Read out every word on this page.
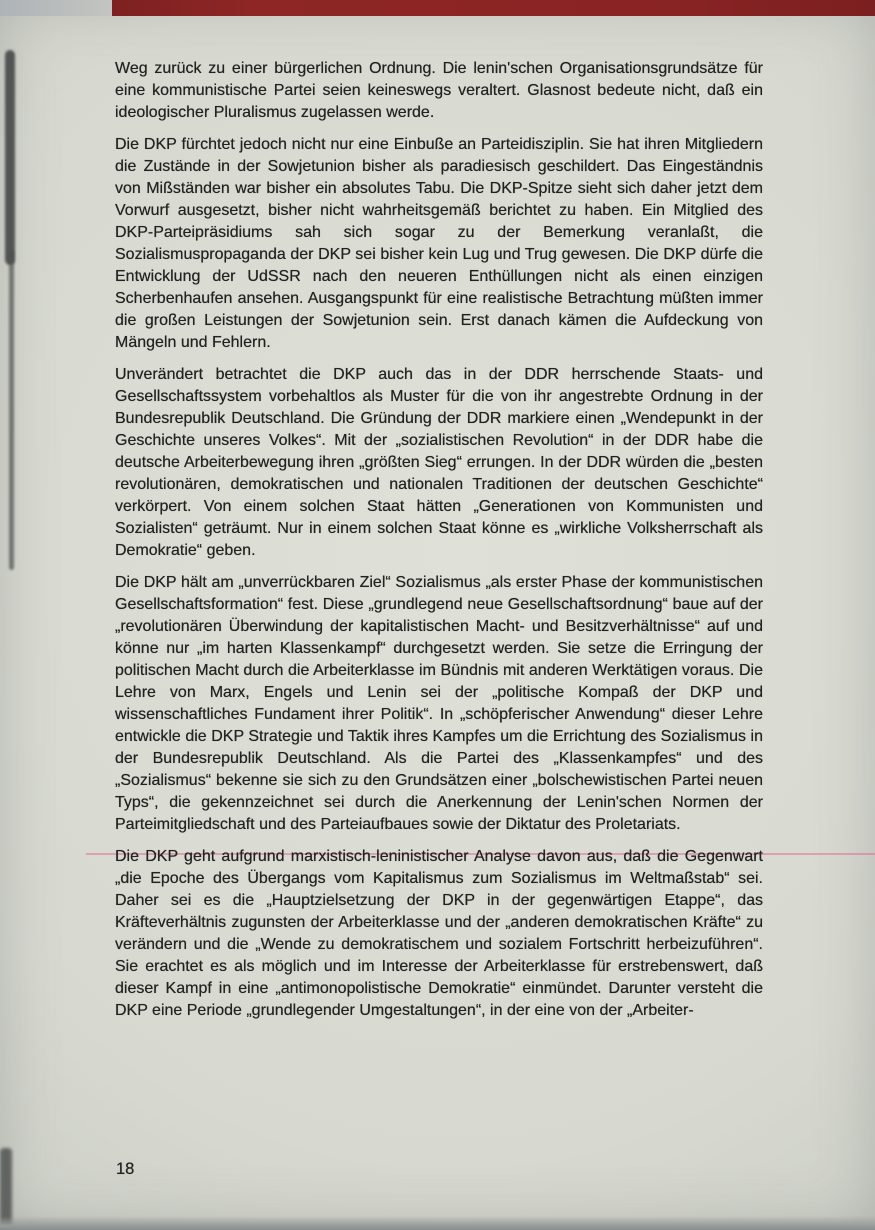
Weg zurück zu einer bürgerlichen Ordnung. Die lenin'schen Organisationsgrundsätze für eine kommunistische Partei seien keineswegs veraltert. Glasnost bedeute nicht, daß ein ideologischer Pluralismus zugelassen werde.

Die DKP fürchtet jedoch nicht nur eine Einbuße an Parteidisziplin. Sie hat ihren Mitgliedern die Zustände in der Sowjetunion bisher als paradiesisch geschildert. Das Eingeständnis von Mißständen war bisher ein absolutes Tabu. Die DKP-Spitze sieht sich daher jetzt dem Vorwurf ausgesetzt, bisher nicht wahrheitsgemäß berichtet zu haben. Ein Mitglied des DKP-Parteipräsidiums sah sich sogar zu der Bemerkung veranlaßt, die Sozialismuspropaganda der DKP sei bisher kein Lug und Trug gewesen. Die DKP dürfe die Entwicklung der UdSSR nach den neueren Enthüllungen nicht als einen einzigen Scherbenhaufen ansehen. Ausgangspunkt für eine realistische Betrachtung müßten immer die großen Leistungen der Sowjetunion sein. Erst danach kämen die Aufdeckung von Mängeln und Fehlern.

Unverändert betrachtet die DKP auch das in der DDR herrschende Staats- und Gesellschaftssystem vorbehaltlos als Muster für die von ihr angestrebte Ordnung in der Bundesrepublik Deutschland. Die Gründung der DDR markiere einen „Wendepunkt in der Geschichte unseres Volkes“. Mit der „sozialistischen Revolution“ in der DDR habe die deutsche Arbeiterbewegung ihren „größten Sieg“ errungen. In der DDR würden die „besten revolutionären, demokratischen und nationalen Traditionen der deutschen Geschichte“ verkörpert. Von einem solchen Staat hätten „Generationen von Kommunisten und Sozialisten“ geträumt. Nur in einem solchen Staat könne es „wirkliche Volksherrschaft als Demokratie“ geben.

Die DKP hält am „unverrückbaren Ziel“ Sozialismus „als erster Phase der kommunistischen Gesellschaftsformation“ fest. Diese „grundlegend neue Gesellschaftsordnung“ baue auf der „revolutionären Überwindung der kapitalistischen Macht- und Besitzverhältnisse“ auf und könne nur „im harten Klassenkampf“ durchgesetzt werden. Sie setze die Erringung der politischen Macht durch die Arbeiterklasse im Bündnis mit anderen Werktätigen voraus. Die Lehre von Marx, Engels und Lenin sei der „politische Kompaß der DKP und wissenschaftliches Fundament ihrer Politik“. In „schöpferischer Anwendung“ dieser Lehre entwickle die DKP Strategie und Taktik ihres Kampfes um die Errichtung des Sozialismus in der Bundesrepublik Deutschland. Als die Partei des „Klassenkampfes“ und des „Sozialismus“ bekenne sie sich zu den Grundsätzen einer „bolschewistischen Partei neuen Typs“, die gekennzeichnet sei durch die Anerkennung der Lenin'schen Normen der Parteimitgliedschaft und des Parteiaufbaues sowie der Diktatur des Proletariats.

Die DKP geht aufgrund marxistisch-leninistischer Analyse davon aus, daß die Gegenwart „die Epoche des Übergangs vom Kapitalismus zum Sozialismus im Weltmaßstab“ sei. Daher sei es die „Hauptzielsetzung der DKP in der gegenwärtigen Etappe“, das Kräfteverhältnis zugunsten der Arbeiterklasse und der „anderen demokratischen Kräfte“ zu verändern und die „Wende zu demokratischem und sozialem Fortschritt herbeizuführen“. Sie erachtet es als möglich und im Interesse der Arbeiterklasse für erstrebenswert, daß dieser Kampf in eine „antimonopolistische Demokratie“ einmündet. Darunter versteht die DKP eine Periode „grundlegender Umgestaltungen“, in der eine von der „Arbeiter-

18
